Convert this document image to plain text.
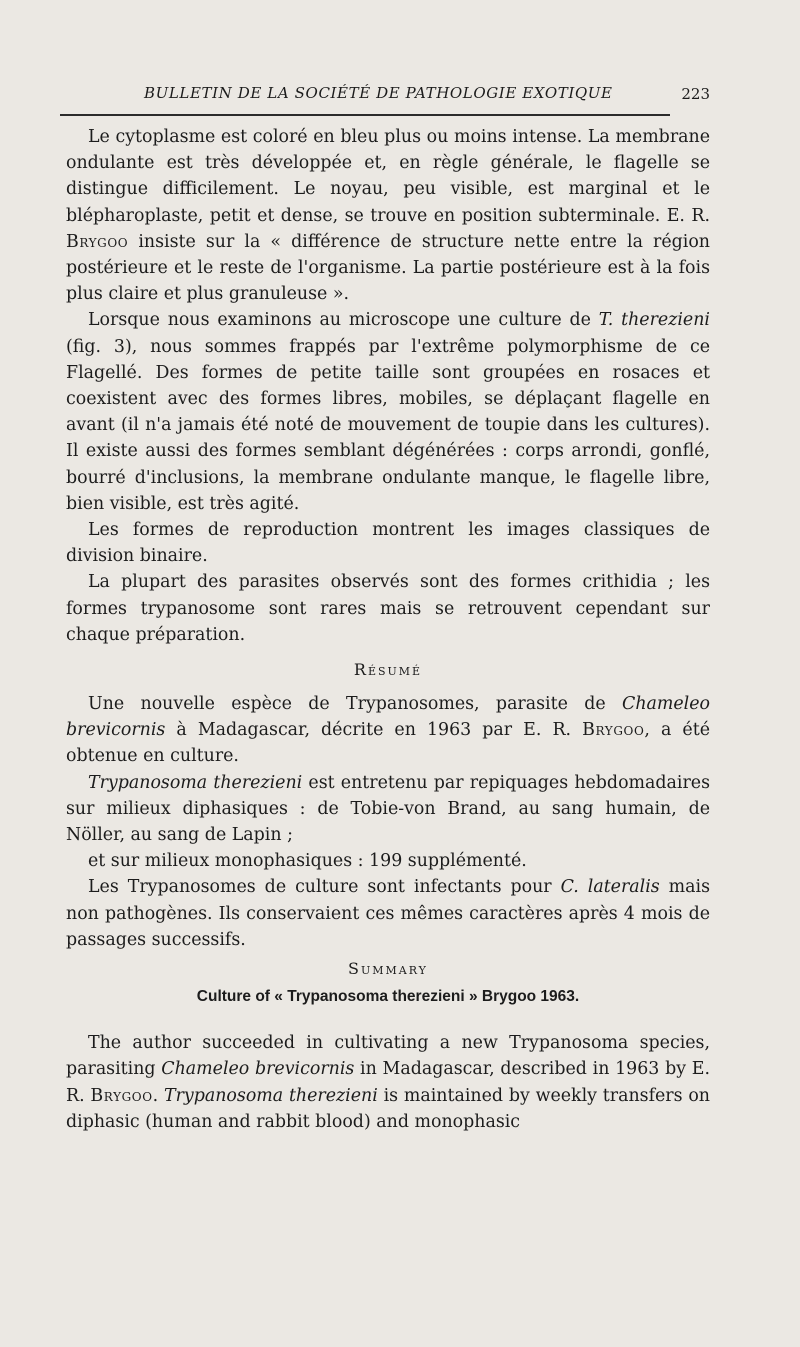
BULLETIN DE LA SOCIÉTÉ DE PATHOLOGIE EXOTIQUE	223

Le cytoplasme est coloré en bleu plus ou moins intense. La membrane ondulante est très développée et, en règle générale, le flagelle se distingue difficilement. Le noyau, peu visible, est marginal et le blépharoplaste, petit et dense, se trouve en position subterminale. E. R. Brygoo insiste sur la « différence de structure nette entre la région postérieure et le reste de l'organisme. La partie postérieure est à la fois plus claire et plus granuleuse ».

Lorsque nous examinons au microscope une culture de T. therezieni (fig. 3), nous sommes frappés par l'extrême polymorphisme de ce Flagellé. Des formes de petite taille sont groupées en rosaces et coexistent avec des formes libres, mobiles, se déplaçant flagelle en avant (il n'a jamais été noté de mouvement de toupie dans les cultures). Il existe aussi des formes semblant dégénérées : corps arrondi, gonflé, bourré d'inclusions, la membrane ondulante manque, le flagelle libre, bien visible, est très agité.

Les formes de reproduction montrent les images classiques de division binaire.

La plupart des parasites observés sont des formes crithidia ; les formes trypanosome sont rares mais se retrouvent cependant sur chaque préparation.

Résumé

Une nouvelle espèce de Trypanosomes, parasite de Chameleo brevicornis à Madagascar, décrite en 1963 par E. R. Brygoo, a été obtenue en culture.

Trypanosoma therezieni est entretenu par repiquages hebdomadaires sur milieux diphasiques : de Tobie-von Brand, au sang humain, de Nöller, au sang de Lapin ;

et sur milieux monophasiques : 199 supplémenté.

Les Trypanosomes de culture sont infectants pour C. lateralis mais non pathogènes. Ils conservaient ces mêmes caractères après 4 mois de passages successifs.

Summary
Culture of « Trypanosoma therezieni » Brygoo 1963.

The author succeeded in cultivating a new Trypanosoma species, parasiting Chameleo brevicornis in Madagascar, described in 1963 by E. R. Brygoo. Trypanosoma therezieni is maintained by weekly transfers on diphasic (human and rabbit blood) and monophasic
